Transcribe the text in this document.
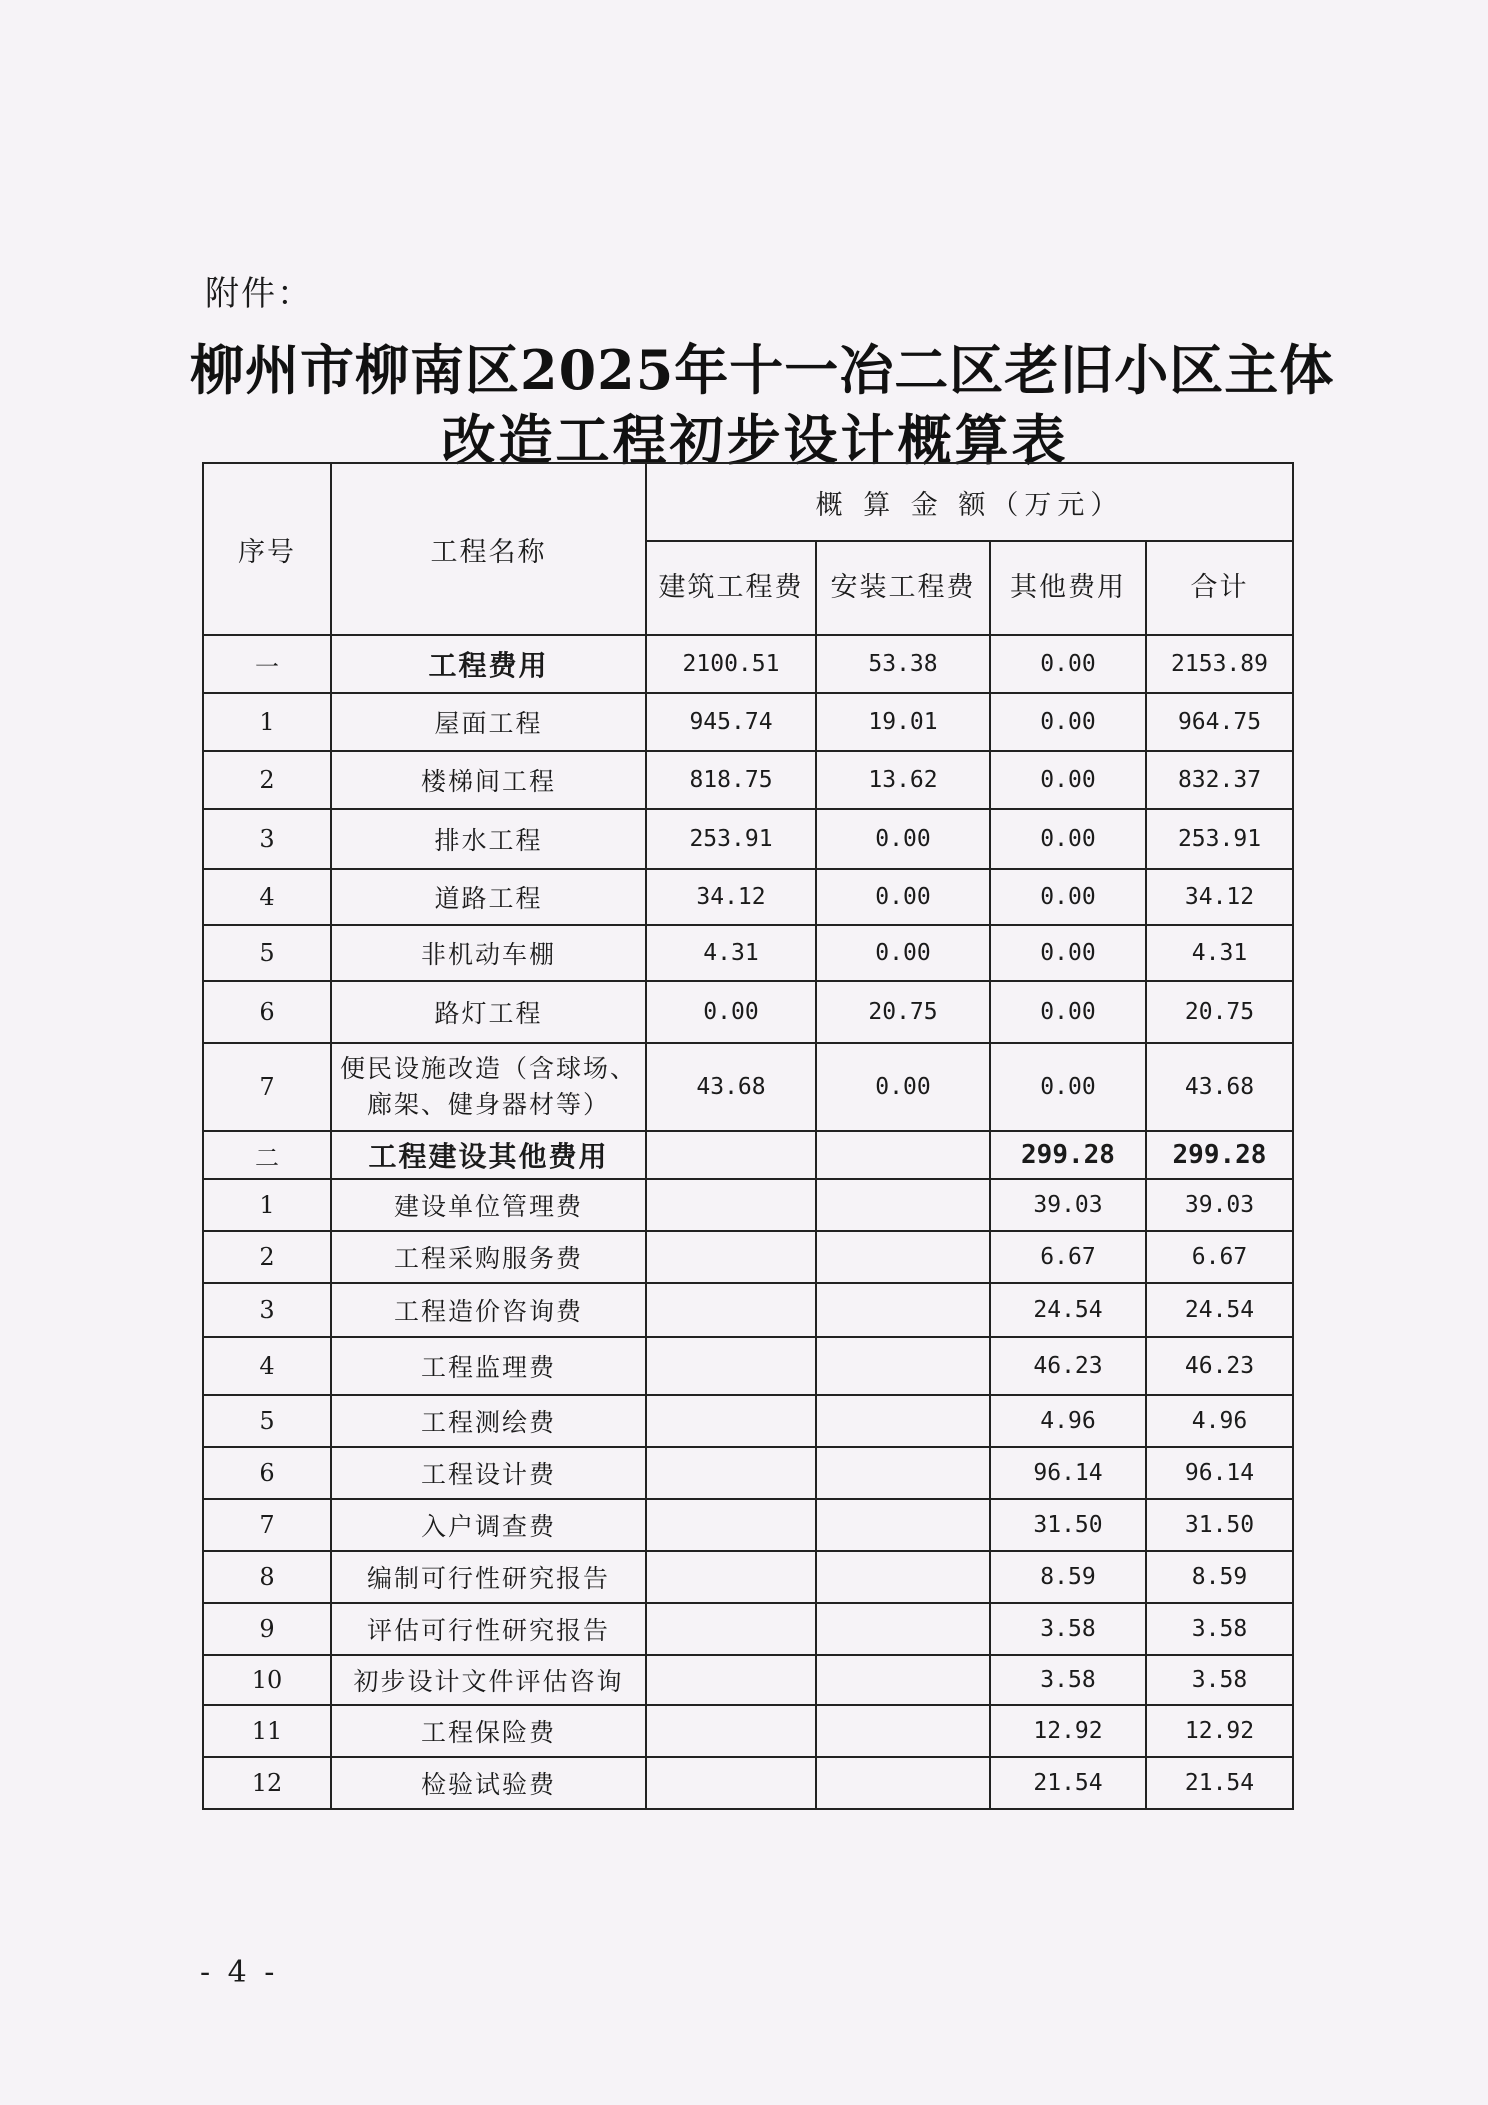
附件：
柳州市柳南区2025年十一冶二区老旧小区主体
改造工程初步设计概算表
序号	工程名称	概 算 金 额（万元）			
		建筑工程费	安装工程费	其他费用	合计
一	工程费用	2100.51	53.38	0.00	2153.89
1	屋面工程	945.74	19.01	0.00	964.75
2	楼梯间工程	818.75	13.62	0.00	832.37
3	排水工程	253.91	0.00	0.00	253.91
4	道路工程	34.12	0.00	0.00	34.12
5	非机动车棚	4.31	0.00	0.00	4.31
6	路灯工程	0.00	20.75	0.00	20.75
7	便民设施改造（含球场、廊架、健身器材等）	43.68	0.00	0.00	43.68
二	工程建设其他费用			299.28	299.28
1	建设单位管理费			39.03	39.03
2	工程采购服务费			6.67	6.67
3	工程造价咨询费			24.54	24.54
4	工程监理费			46.23	46.23
5	工程测绘费			4.96	4.96
6	工程设计费			96.14	96.14
7	入户调查费			31.50	31.50
8	编制可行性研究报告			8.59	8.59
9	评估可行性研究报告			3.58	3.58
10	初步设计文件评估咨询			3.58	3.58
11	工程保险费			12.92	12.92
12	检验试验费			21.54	21.54
- 4 -
